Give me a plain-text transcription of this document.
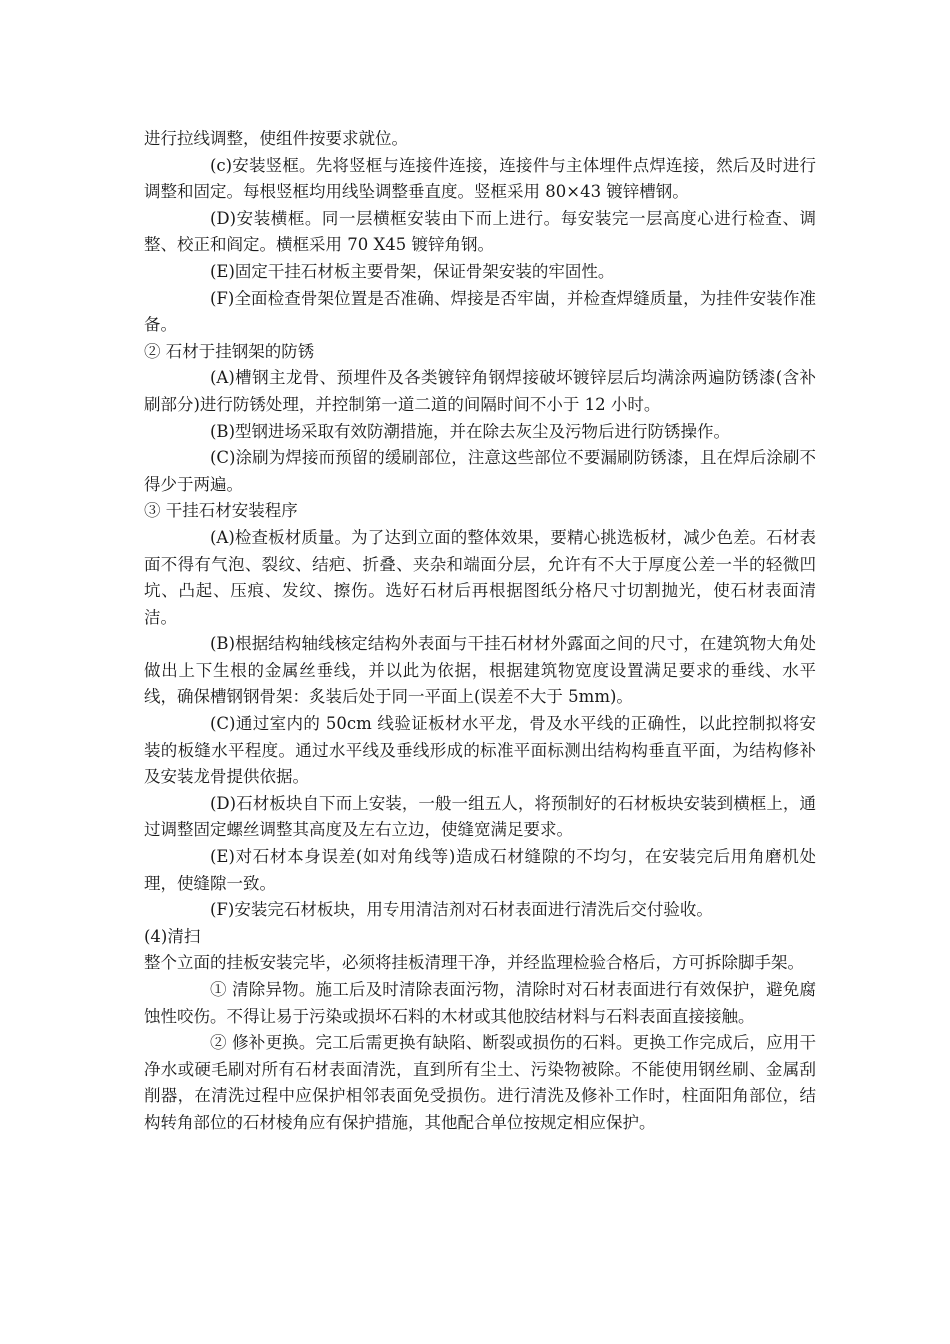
进行拉线调整，使组件按要求就位。

(c)安装竖框。先将竖框与连接件连接，连接件与主体埋件点焊连接，然后及时进行调整和固定。每根竖框均用线坠调整垂直度。竖框采用 80×43 镀锌槽钢。

(D)安装横框。同一层横框安装由下而上进行。每安装完一层高度心进行检查、调整、校正和阎定。横框采用 70 X45 镀锌角钢。

(E)固定干挂石材板主要骨架，保证骨架安装的牢固性。

(F)全面检查骨架位置是否准确、焊接是否牢崮，并检查焊缝质量，为挂件安装作准备。

② 石材于挂钢架的防锈

(A)槽钢主龙骨、预埋件及各类镀锌角钢焊接破坏镀锌层后均满涂两遍防锈漆(含补刷部分)进行防锈处理，并控制第一道二道的间隔时间不小于 12 小时。

(B)型钢进场采取有效防潮措施，并在除去灰尘及污物后进行防锈操作。

(C)涂刷为焊接而预留的缓刷部位，注意这些部位不要漏刷防锈漆，且在焊后涂刷不得少于两遍。

③ 干挂石材安装程序

(A)检查板材质量。为了达到立面的整体效果，要精心挑选板材，减少色差。石材表面不得有气泡、裂纹、结疤、折叠、夹杂和端面分层，允许有不大于厚度公差一半的轻微凹坑、凸起、压痕、发纹、擦伤。选好石材后再根据图纸分格尺寸切割抛光，使石材表面清洁。

(B)根据结构轴线核定结构外表面与干挂石材材外露面之间的尺寸，在建筑物大角处做出上下生根的金属丝垂线，并以此为依据，根据建筑物宽度设置满足要求的垂线、水平线，确保槽钢钢骨架：炙装后处于同一平面上(误差不大于 5mm)。

(C)通过室内的 50cm 线验证板材水平龙，骨及水平线的正确性，以此控制拟将安装的板缝水平程度。通过水平线及垂线形成的标准平面标测出结构构垂直平面，为结构修补及安装龙骨提供依据。

(D)石材板块自下而上安装，一般一组五人，将预制好的石材板块安装到横框上，通过调整固定螺丝调整其高度及左右立边，使缝宽满足要求。

(E)对石材本身误差(如对角线等)造成石材缝隙的不均匀，在安装完后用角磨机处理，使缝隙一致。

(F)安装完石材板块，用专用清洁剂对石材表面进行清洗后交付验收。

(4)清扫

整个立面的挂板安装完毕，必须将挂板清理干净，并经监理检验合格后，方可拆除脚手架。

① 清除异物。施工后及时清除表面污物，清除时对石材表面进行有效保护，避免腐蚀性咬伤。不得让易于污染或损坏石料的木材或其他胶结材料与石料表面直接接触。

② 修补更换。完工后需更换有缺陷、断裂或损伤的石料。更换工作完成后，应用干净水或硬毛刷对所有石材表面清洗，直到所有尘土、污染物被除。不能使用钢丝刷、金属刮削器，在清洗过程中应保护相邻表面免受损伤。进行清洗及修补工作时，柱面阳角部位，结构转角部位的石材棱角应有保护措施，其他配合单位按规定相应保护。
